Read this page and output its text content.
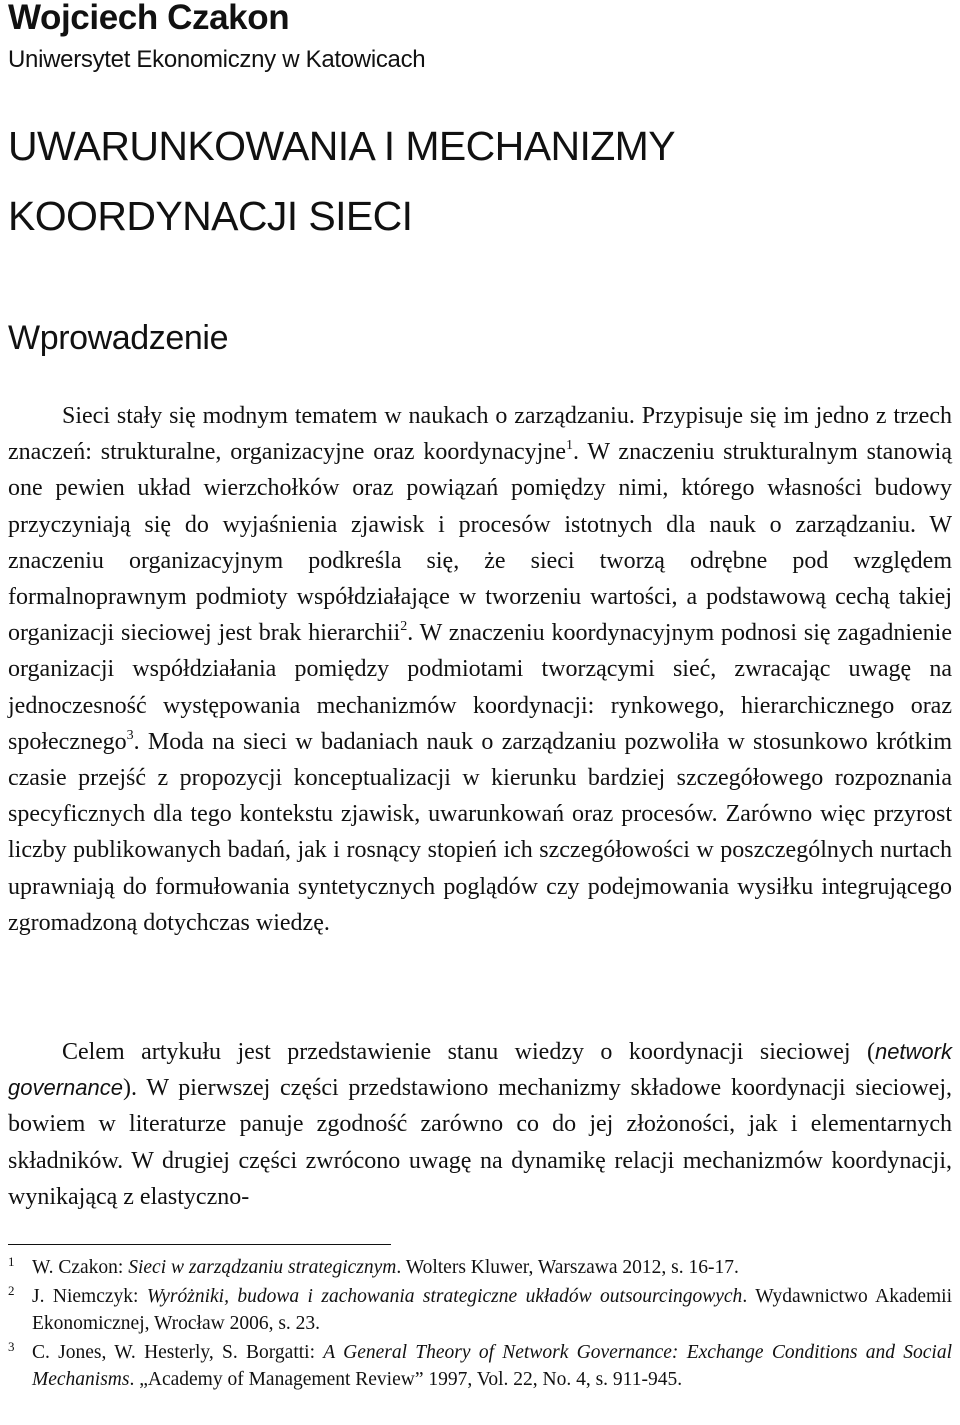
Wojciech Czakon
Uniwersytet Ekonomiczny w Katowicach
UWARUNKOWANIA I MECHANIZMY
KOORDYNACJI SIECI
Wprowadzenie

Sieci stały się modnym tematem w naukach o zarządzaniu. Przypisuje się im jedno z trzech znaczeń: strukturalne, organizacyjne oraz koordynacyjne$^1$. W znaczeniu strukturalnym stanowią one pewien układ wierzchołków oraz powiązań pomiędzy nimi, którego własności budowy przyczyniają się do wyjaśnienia zjawisk i procesów istotnych dla nauk o zarządzaniu. W znaczeniu organizacyjnym podkreśla się, że sieci tworzą odrębne pod względem formalnoprawnym podmioty współdziałające w tworzeniu wartości, a podstawową cechą takiej organizacji sieciowej jest brak hierarchii$^2$. W znaczeniu koordynacyjnym podnosi się zagadnienie organizacji współdziałania pomiędzy podmiotami tworzącymi sieć, zwracając uwagę na jednoczesność występowania mechanizmów koordynacji: rynkowego, hierarchicznego oraz społecznego$^3$. Moda na sieci w badaniach nauk o zarządzaniu pozwoliła w stosunkowo krótkim czasie przejść z propozycji konceptualizacji w kierunku bardziej szczegółowego rozpoznania specyficznych dla tego kontekstu zjawisk, uwarunkowań oraz procesów. Zarówno więc przyrost liczby publikowanych badań, jak i rosnący stopień ich szczegółowości w poszczególnych nurtach uprawniają do formułowania syntetycznych poglądów czy podejmowania wysiłku integrującego zgromadzoną dotychczas wiedzę.

Celem artykułu jest przedstawienie stanu wiedzy o koordynacji sieciowej (network governance). W pierwszej części przedstawiono mechanizmy składowe koordynacji sieciowej, bowiem w literaturze panuje zgodność zarówno co do jej złożoności, jak i elementarnych składników. W drugiej części zwrócono uwagę na dynamikę relacji mechanizmów koordynacji, wynikającą z elastyczno-

1 W. Czakon: Sieci w zarządzaniu strategicznym. Wolters Kluwer, Warszawa 2012, s. 16-17.

2 J. Niemczyk: Wyróżniki, budowa i zachowania strategiczne układów outsourcingowych. Wydawnictwo Akademii Ekonomicznej, Wrocław 2006, s. 23.

3 C. Jones, W. Hesterly, S. Borgatti: A General Theory of Network Governance: Exchange Conditions and Social Mechanisms. „Academy of Management Review” 1997, Vol. 22, No. 4, s. 911-945.
